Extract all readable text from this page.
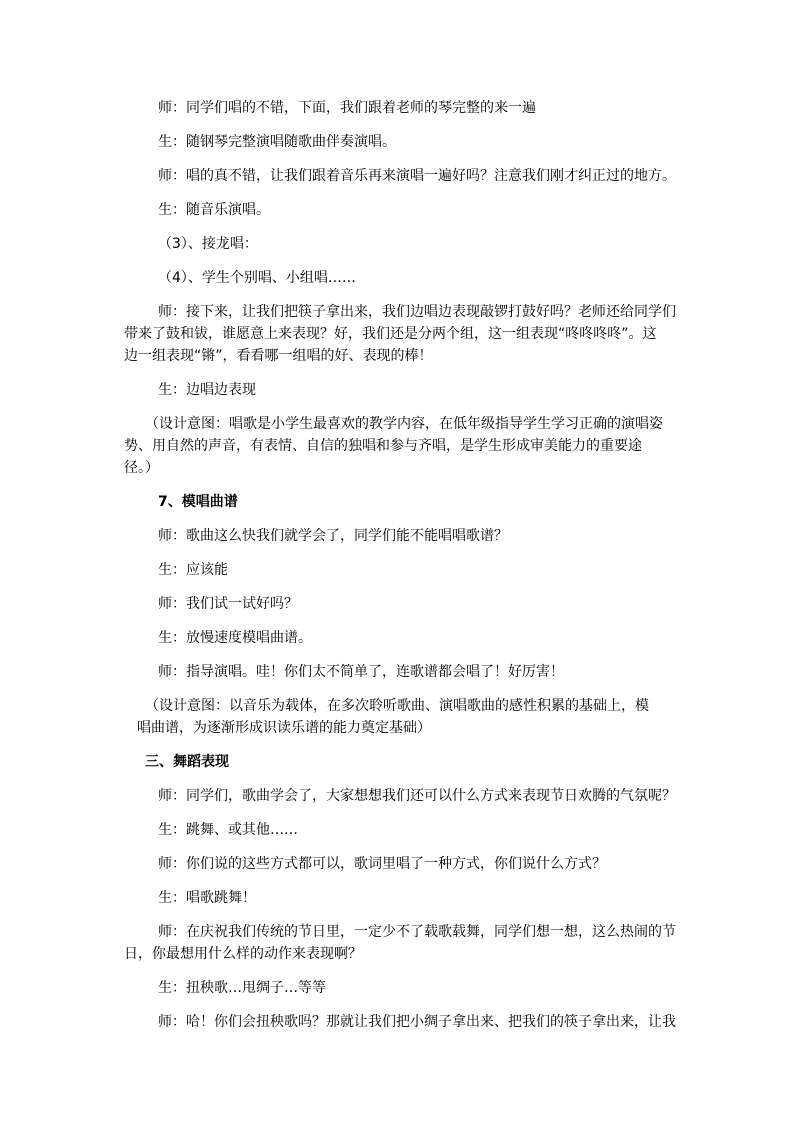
师：同学们唱的不错，下面，我们跟着老师的琴完整的来一遍

生：随钢琴完整演唱随歌曲伴奏演唱。

师：唱的真不错，让我们跟着音乐再来演唱一遍好吗？注意我们刚才纠正过的地方。

生：随音乐演唱。

（3）、接龙唱：

（4）、学生个别唱、小组唱……

师：接下来，让我们把筷子拿出来，我们边唱边表现敲锣打鼓好吗？老师还给同学们

带来了鼓和钹，谁愿意上来表现？好，我们还是分两个组，这一组表现“咚咚咚咚”。这

边一组表现“锵”，看看哪一组唱的好、表现的棒！

生：边唱边表现

（设计意图：唱歌是小学生最喜欢的教学内容，在低年级指导学生学习正确的演唱姿

势、用自然的声音，有表情、自信的独唱和参与齐唱，是学生形成审美能力的重要途

径。）

7、模唱曲谱

师：歌曲这么快我们就学会了，同学们能不能唱唱歌谱？

生：应该能

师：我们试一试好吗？

生：放慢速度模唱曲谱。

师：指导演唱。哇！你们太不简单了，连歌谱都会唱了！好厉害！

（设计意图：以音乐为载体，在多次聆听歌曲、演唱歌曲的感性积累的基础上，模

唱曲谱，为逐渐形成识读乐谱的能力奠定基础）

三、舞蹈表现

师：同学们，歌曲学会了，大家想想我们还可以什么方式来表现节日欢腾的气氛呢？

生：跳舞、或其他……

师：你们说的这些方式都可以，歌词里唱了一种方式，你们说什么方式？

生：唱歌跳舞！

师：在庆祝我们传统的节日里，一定少不了载歌载舞，同学们想一想，这么热闹的节

日，你最想用什么样的动作来表现啊？

生：扭秧歌…甩绸子…等等

师：哈！你们会扭秧歌吗？那就让我们把小绸子拿出来、把我们的筷子拿出来，让我
